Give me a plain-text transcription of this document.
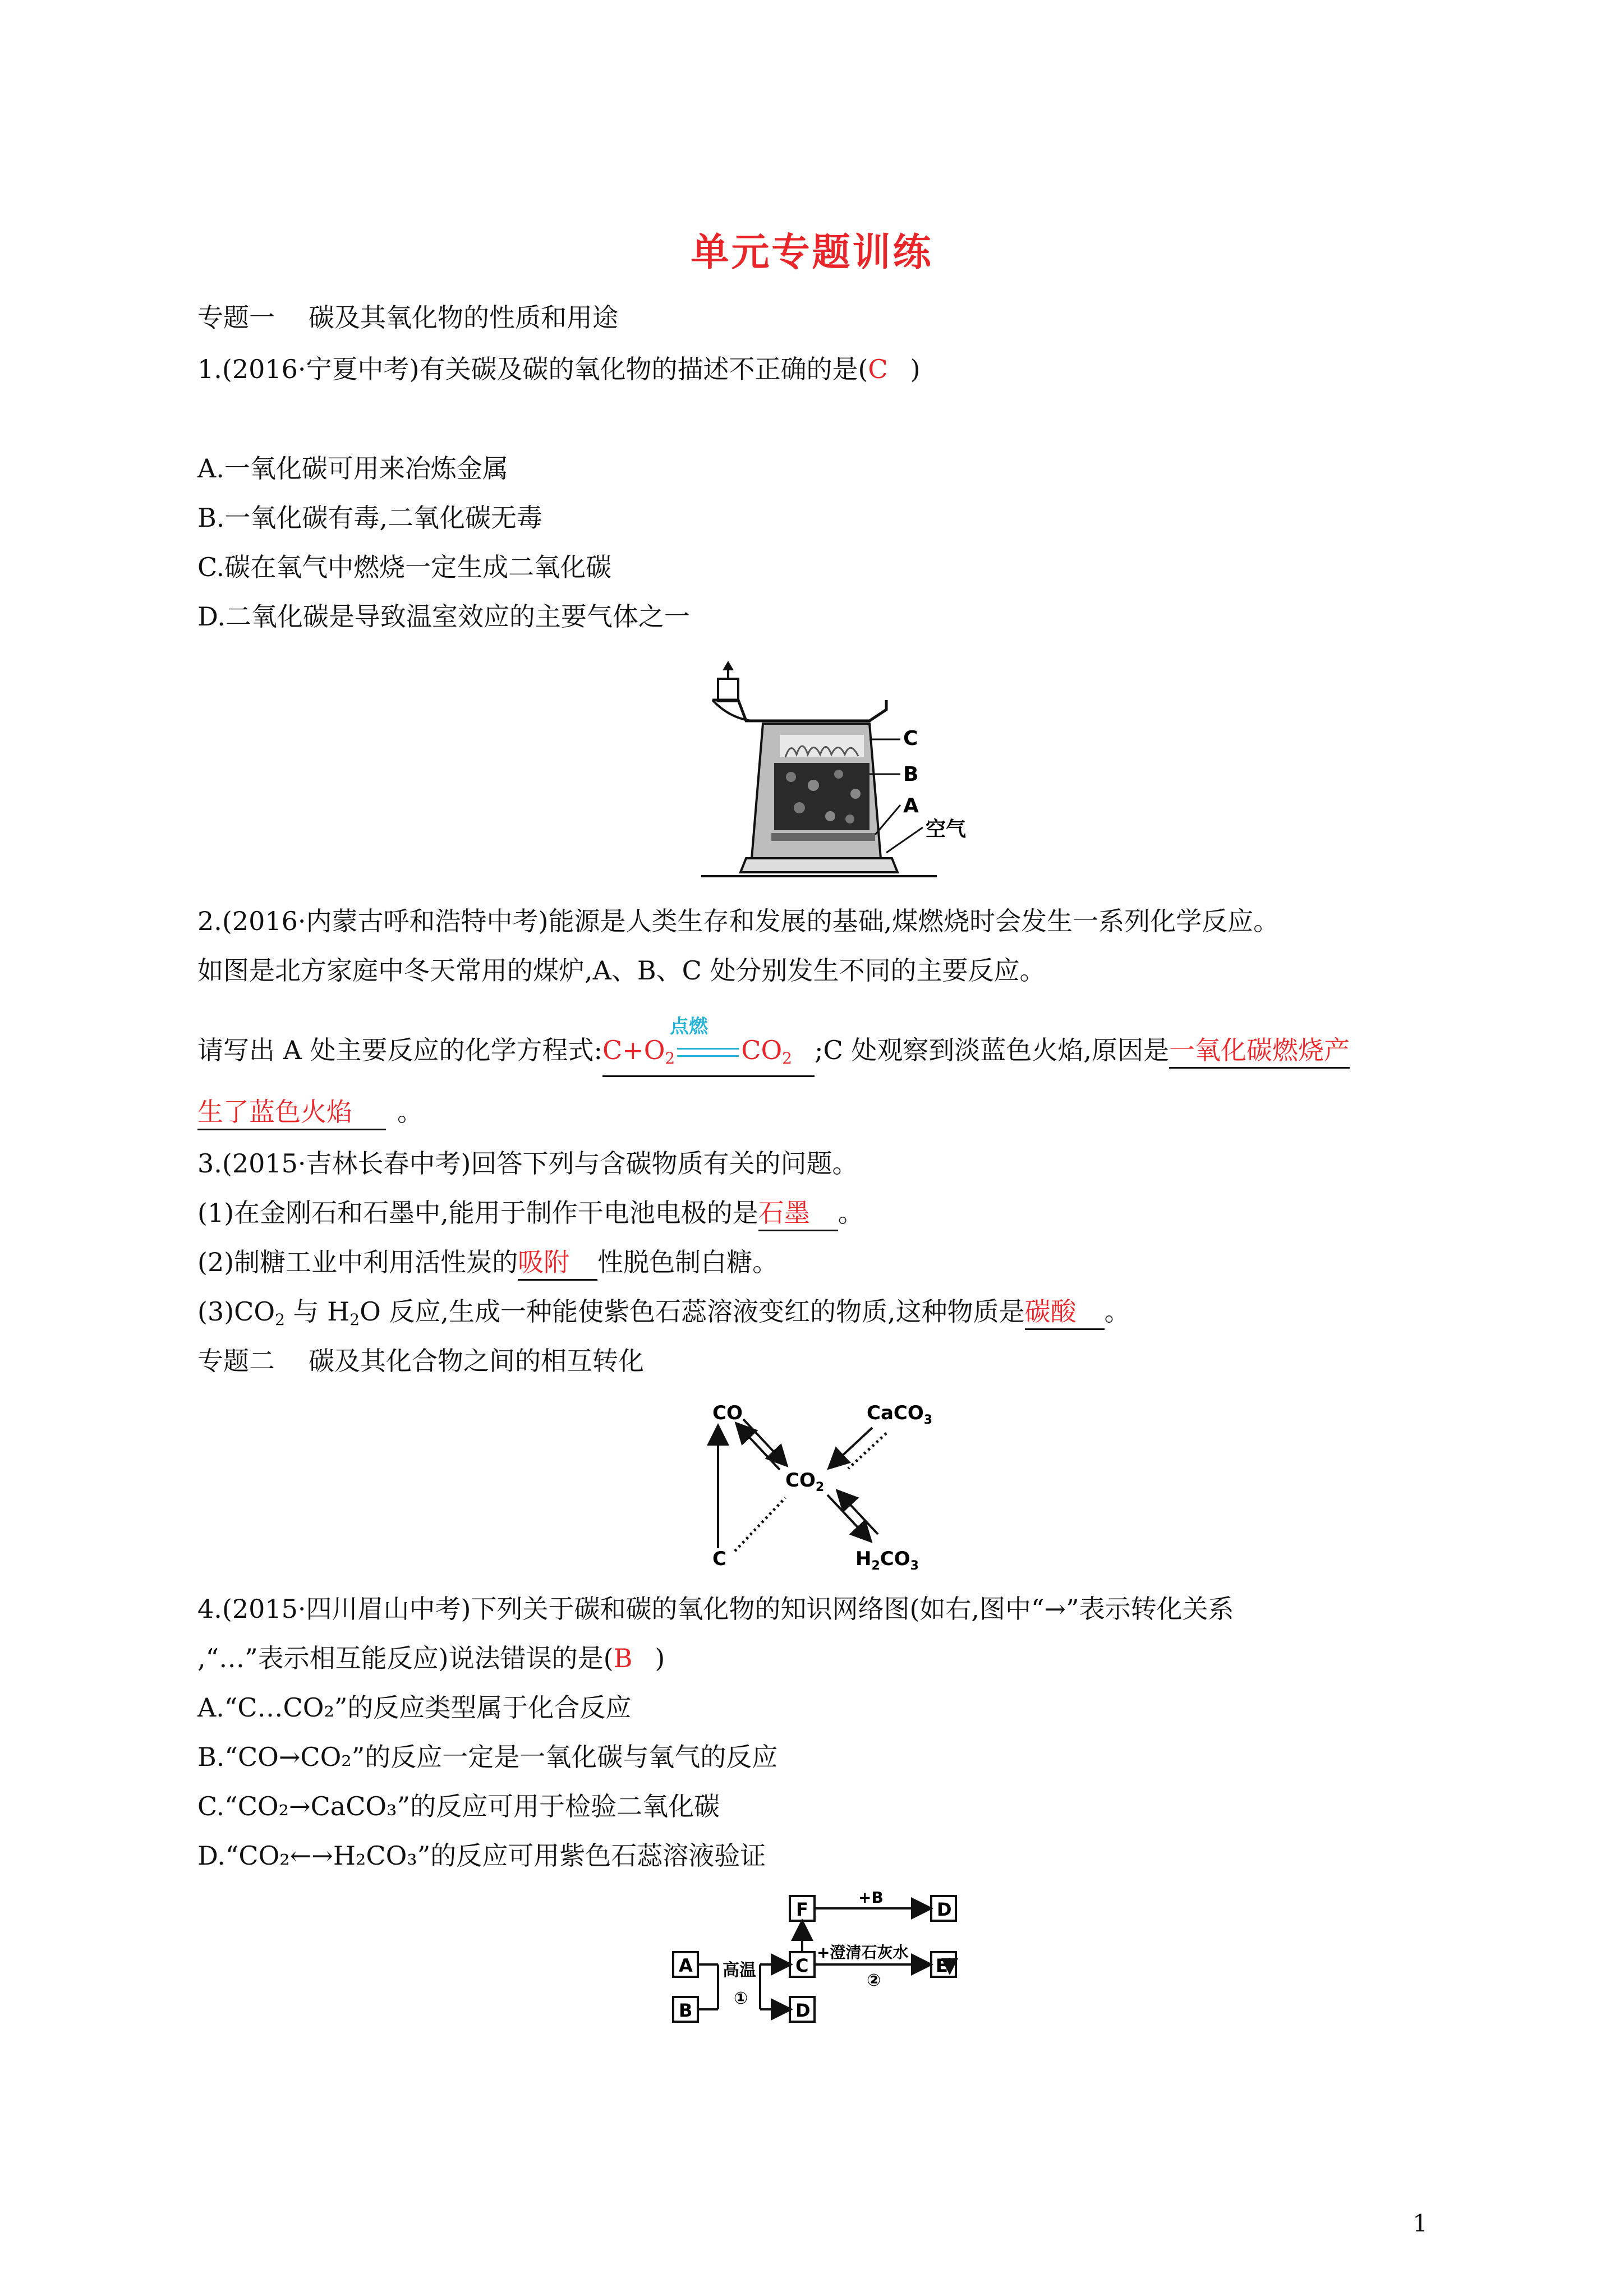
单元专题训练
专题一 碳及其氧化物的性质和用途
1.(2016·宁夏中考)有关碳及碳的氧化物的描述不正确的是(C )
A.一氧化碳可用来冶炼金属
B.一氧化碳有毒,二氧化碳无毒
C.碳在氧气中燃烧一定生成二氧化碳
D.二氧化碳是导致温室效应的主要气体之一
C
B
A
空气
2.(2016·内蒙古呼和浩特中考)能源是人类生存和发展的基础,煤燃烧时会发生一系列化学反应。
如图是北方家庭中冬天常用的煤炉,A、B、C 处分别发生不同的主要反应。
请写出 A 处主要反应的化学方程式$:C+O_2$
点燃
$CO_2$ ;C 处观察到淡蓝色火焰,原因是一氧化碳燃烧产
生了蓝色火焰 。
3.(2015·吉林长春中考)回答下列与含碳物质有关的问题。
(1)在金刚石和石墨中,能用于制作干电池电极的是石墨 。
(2)制糖工业中利用活性炭的吸附 性脱色制白糖。
$(3)CO_2$ 与 $H_2O$ 反应,生成一种能使紫色石蕊溶液变红的物质,这种物质是碳酸 。
专题二 碳及其化合物之间的相互转化
CO	CaCO$_3$
$CO_2$
C	$H_2CO_3$
4.(2015·四川眉山中考)下列关于碳和碳的氧化物的知识网络图(如右,图中“→”表示转化关系
,“…”表示相互能反应)说法错误的是(B )
A.“C…CO₂”的反应类型属于化合反应
B.“CO→CO₂”的反应一定是一氧化碳与氧气的反应
C.“CO₂→CaCO₃”的反应可用于检验二氧化碳
D.“CO₂←→H₂CO₃”的反应可用紫色石蕊溶液验证
A
B
C
F
D
D
E
高温
①
+B
+澄清石灰水
②
1
